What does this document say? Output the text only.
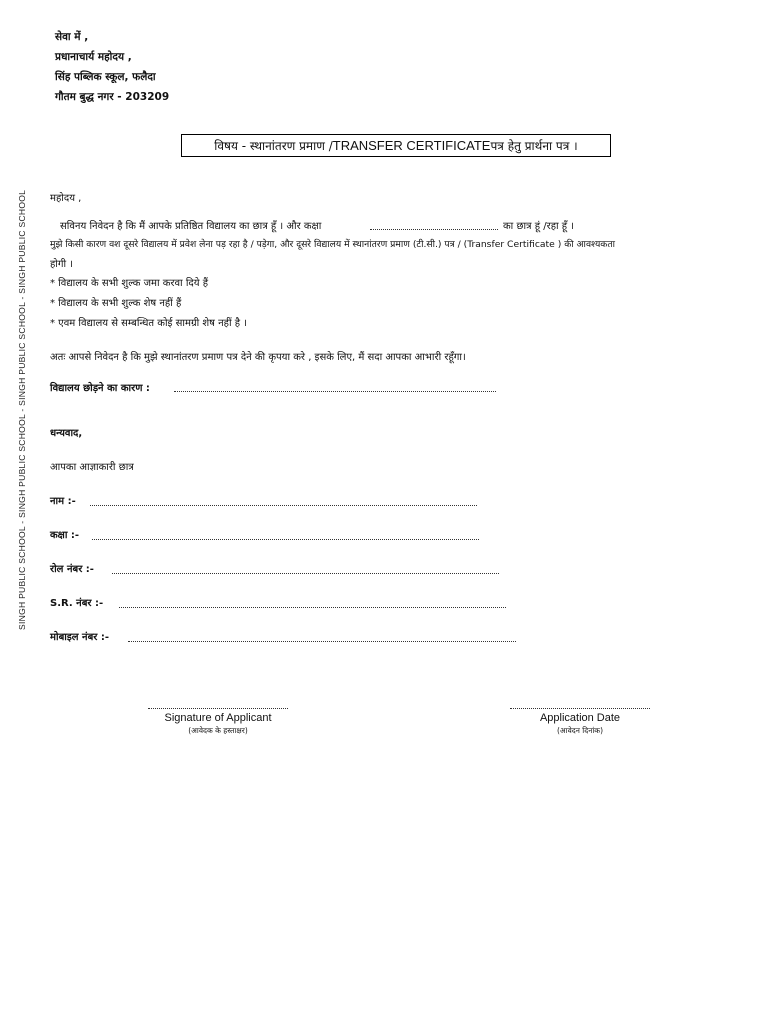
SINGH PUBLIC SCHOOL - SINGH PUBLIC SCHOOL - SINGH PUBLIC SCHOOL - SINGH PUBLIC SCHOOL
सेवा में ,
प्रधानाचार्य महोदय ,
सिंह पब्लिक स्कूल, फलैदा
गौतम बुद्ध नगर - 203209
विषय - स्थानांतरण प्रमाण / TRANSFER CERTIFICATE पत्र हेतु प्रार्थना पत्र ।
महोदय ,
सविनय निवेदन है कि मैं आपके प्रतिष्ठित विद्यालय का छात्र हूँ । और कक्षा	का छात्र हूं /रहा हूँ ।
मुझे किसी कारण वश दूसरे विद्यालय में प्रवेश लेना पड़ रहा है / पड़ेगा, और दूसरे विद्यालय में स्थानांतरण प्रमाण (टी.सी.) पत्र / (Transfer Certificate ) की आवश्यकता
होगी ।
* विद्यालय के सभी शुल्क जमा करवा दिये हैं
* विद्यालय के सभी शुल्क शेष नहीं हैं
* एवम विद्यालय से सम्बन्धित कोई सामग्री शेष नहीं है ।
अतः आपसे निवेदन है कि मुझे स्थानांतरण प्रमाण पत्र देने की कृपया करे , इसके लिए, मैं सदा आपका आभारी रहूँगा।
विद्यालय छोड़ने का कारण :
धन्यवाद,
आपका आज्ञाकारी छात्र
नाम :-
कक्षा :-
रोल नंबर :-
S.R. नंबर :-
मोबाइल नंबर :-
Signature of Applicant
(आवेदक के हस्ताक्षर)
Application Date
(आवेदन दिनांक)
